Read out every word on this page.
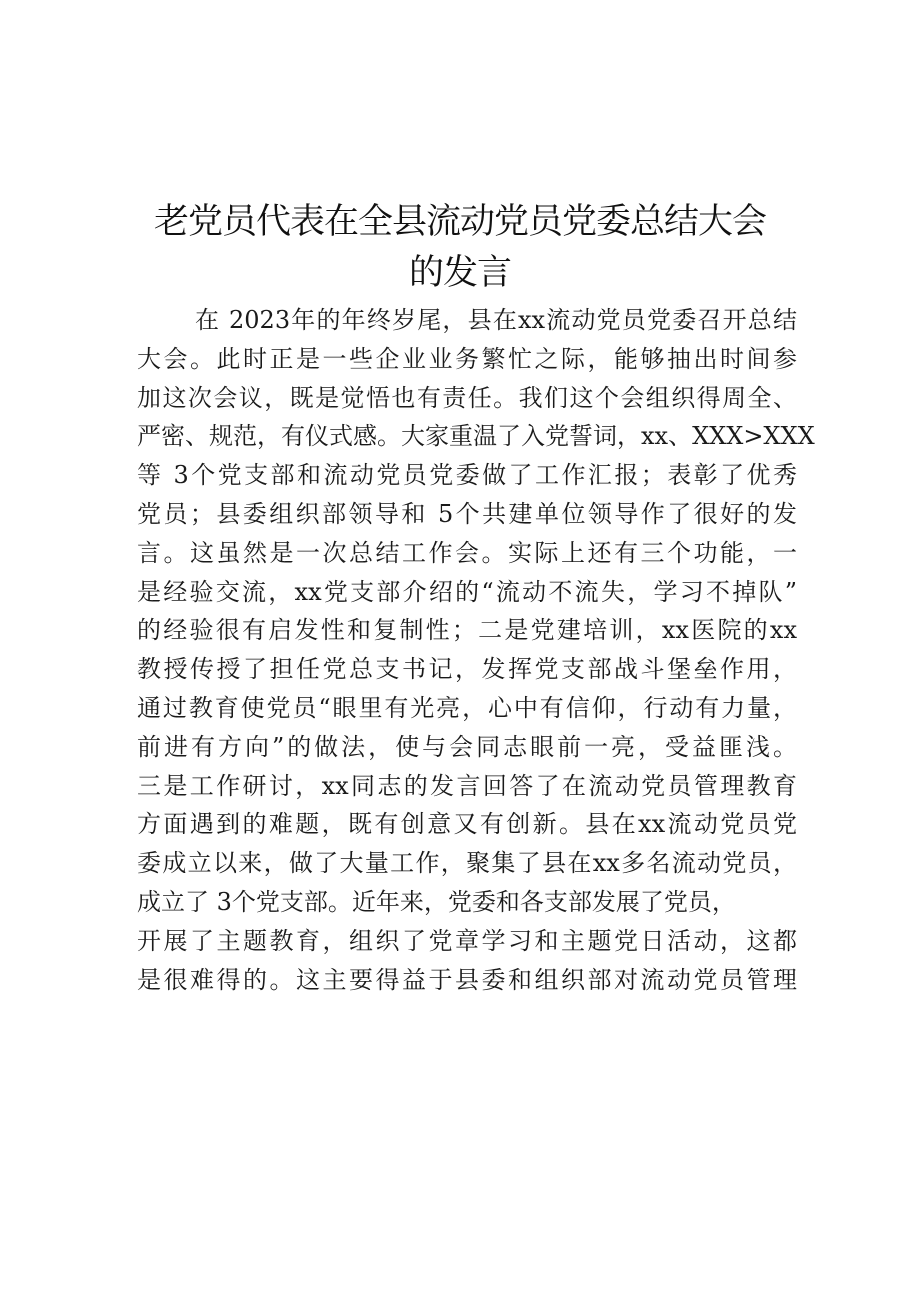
老党员代表在全县流动党员党委总结大会
的发言
在 2023年的年终岁尾，县在xx流动党员党委召开总结
大会。此时正是一些企业业务繁忙之际，能够抽出时间参
加这次会议，既是觉悟也有责任。我们这个会组织得周全、
严密、规范，有仪式感。大家重温了入党誓词，xx、XXX>XXX
等 3个党支部和流动党员党委做了工作汇报；表彰了优秀
党员；县委组织部领导和 5个共建单位领导作了很好的发
言。这虽然是一次总结工作会。实际上还有三个功能，一
是经验交流，xx党支部介绍的“流动不流失，学习不掉队”
的经验很有启发性和复制性；二是党建培训，xx医院的xx
教授传授了担任党总支书记，发挥党支部战斗堡垒作用，
通过教育使党员“眼里有光亮，心中有信仰，行动有力量，
前进有方向”的做法，使与会同志眼前一亮，受益匪浅。
三是工作研讨，xx同志的发言回答了在流动党员管理教育
方面遇到的难题，既有创意又有创新。县在xx流动党员党
委成立以来，做了大量工作，聚集了县在xx多名流动党员，
成立了 3个党支部。近年来，党委和各支部发展了党员，
开展了主题教育，组织了党章学习和主题党日活动，这都
是很难得的。这主要得益于县委和组织部对流动党员管理
